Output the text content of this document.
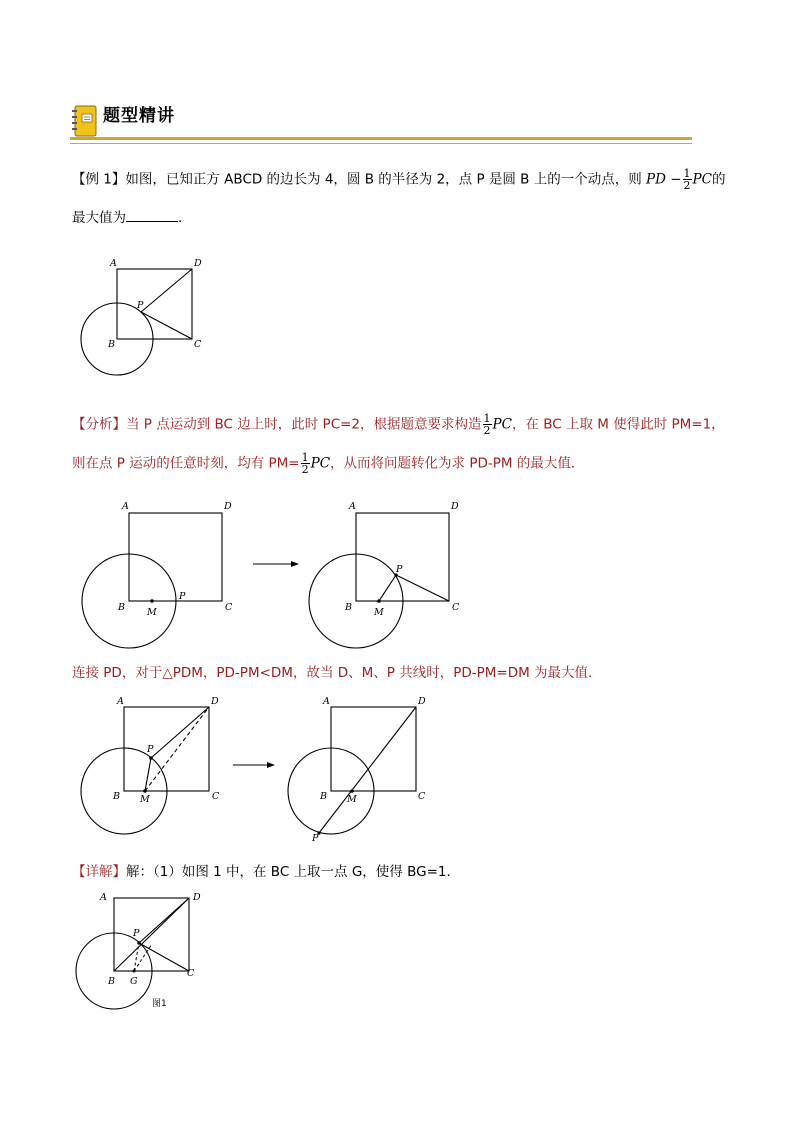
题型精讲
【例 1】如图，已知正方 ABCD 的边长为 4，圆 B 的半径为 2，点 P 是圆 B 上的一个动点，则 PD − $\frac{1}{2}$ PC的
最大值为	．
A	D
B	C
P
【分析】当 P 点运动到 BC 边上时，此时 PC=2，根据题意要求构造 $\frac{1}{2}$ PC，在 BC 上取 M 使得此时 PM=1，
则在点 P 运动的任意时刻，均有 $PM= \frac{1}{2}$ PC，从而将问题转化为求 PD-PM 的最大值．
A	D
B	C
M
P
A	D
B	C
M
P
连接 PD，对于△PDM，PD-PM<DM，故当 D、M、P 共线时，PD-PM=DM 为最大值．
A	D
B	C
M
P
A	D
B	C
M
P
【详解】解：（1）如图 1 中，在 BC 上取一点 G，使得 BG=1．
A	D
B
C
G
P
图1
